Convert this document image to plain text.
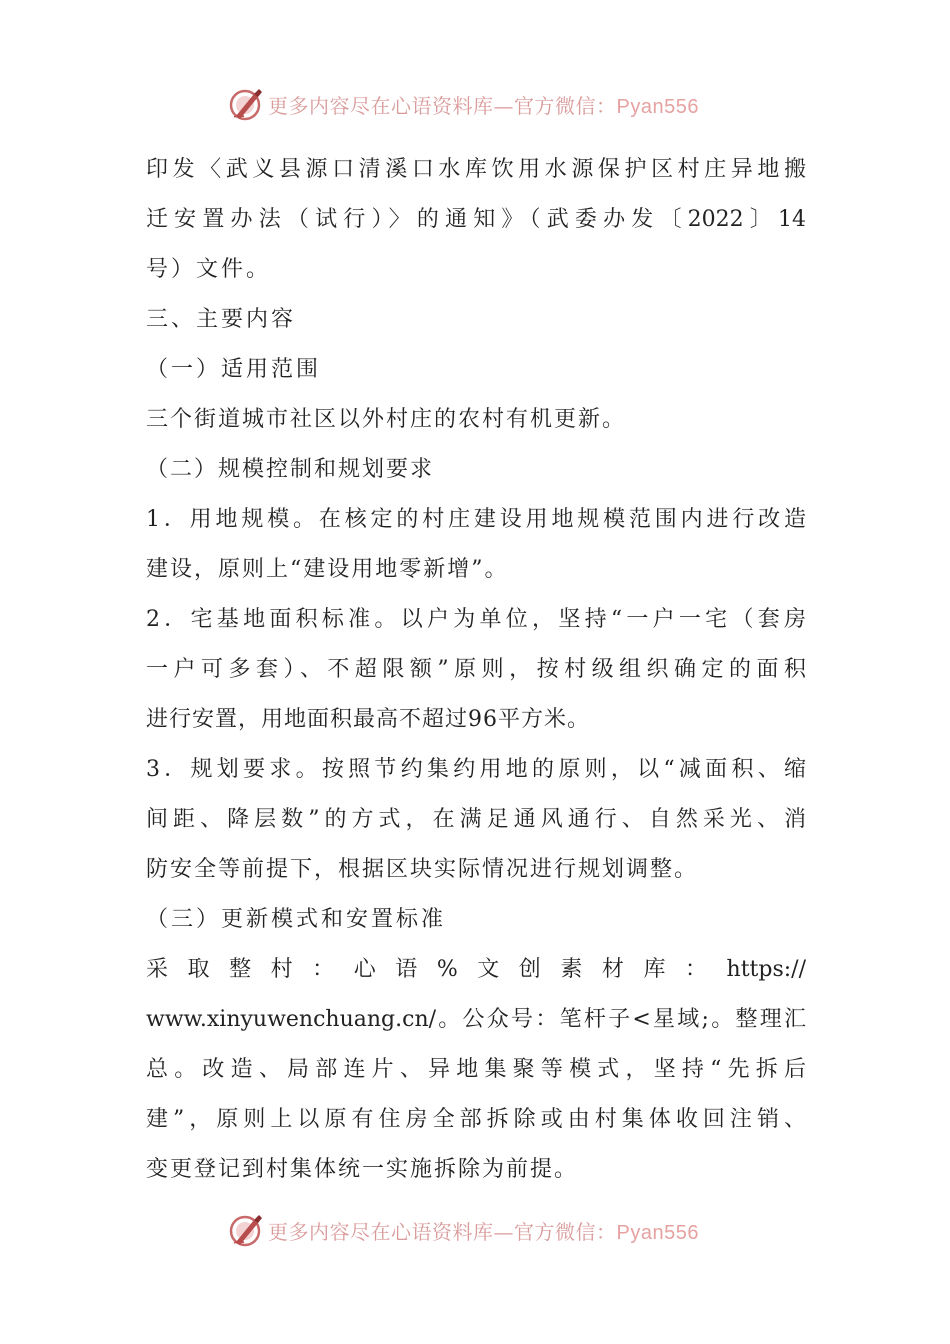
更多内容尽在心语资料库—官方微信：Pyan556
印发〈武义县源口清溪口水库饮用水源保护区村庄异地搬
迁安置办法（试行）〉的通知》（武委办发〔2022〕14
号）文件。
三、主要内容
（一）适用范围
三个街道城市社区以外村庄的农村有机更新。
（二）规模控制和规划要求
1．用地规模。在核定的村庄建设用地规模范围内进行改造
建设，原则上“建设用地零新增”。
2．宅基地面积标准。以户为单位，坚持“一户一宅（套房
一户可多套）、不超限额”原则，按村级组织确定的面积
进行安置，用地面积最高不超过96平方米。
3．规划要求。按照节约集约用地的原则，以“减面积、缩
间距、降层数”的方式，在满足通风通行、自然采光、消
防安全等前提下，根据区块实际情况进行规划调整。
（三）更新模式和安置标准
采取整村：心语%文创素材库：https://
www.xinyuwenchuang.cn/。公众号：笔杆子<星域;。整理汇
总。改造、局部连片、异地集聚等模式，坚持“先拆后
建”，原则上以原有住房全部拆除或由村集体收回注销、
变更登记到村集体统一实施拆除为前提。
更多内容尽在心语资料库—官方微信：Pyan556
